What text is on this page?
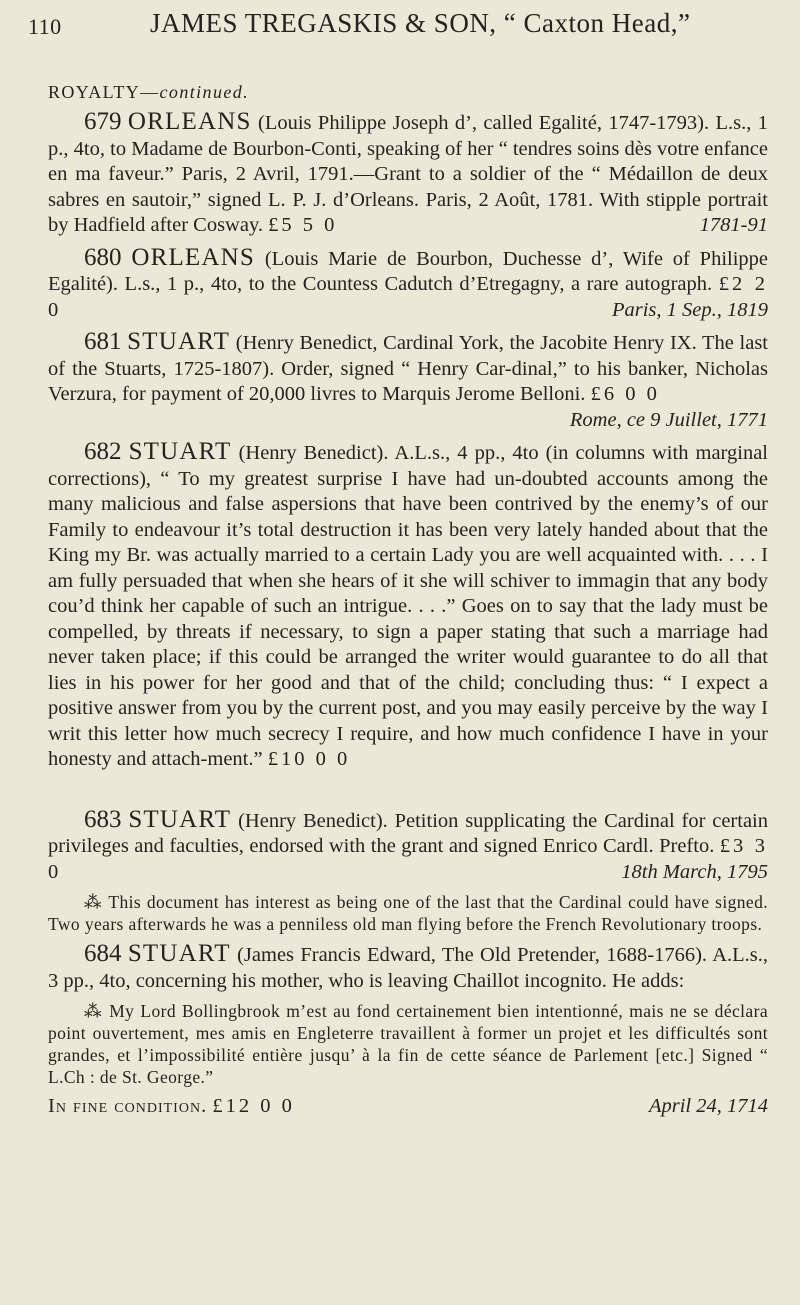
110	JAMES TREGASKIS & SON, “ Caxton Head,”
ROYALTY—continued.

679 ORLEANS (Louis Philippe Joseph d’, called Egalité, 1747-1793). L.s., 1 p., 4to, to Madame de Bourbon-Conti, speaking of her “ tendres soins dès votre enfance en ma faveur.” Paris, 2 Avril, 1791.—Grant to a soldier of the “ Médaillon de deux sabres en sautoir,” signed L. P. J. d’Orleans. Paris, 2 Août, 1781. With stipple portrait by Hadfield after Cosway. £5 5 0	1781-91

680 ORLEANS (Louis Marie de Bourbon, Duchesse d’, Wife of Philippe Egalité). L.s., 1 p., 4to, to the Countess Cadutch d’Etregagny, a rare autograph. £2 2 0	Paris, 1 Sep., 1819

681 STUART (Henry Benedict, Cardinal York, the Jacobite Henry IX. The last of the Stuarts, 1725-1807). Order, signed “ Henry Car-dinal,” to his banker, Nicholas Verzura, for payment of 20,000 livres to Marquis Jerome Belloni. £6 0 0
Rome, ce 9 Juillet, 1771

682 STUART (Henry Benedict). A.L.s., 4 pp., 4to (in columns with marginal corrections), “ To my greatest surprise I have had un-doubted accounts among the many malicious and false aspersions that have been contrived by the enemy’s of our Family to endeavour it’s total destruction it has been very lately handed about that the King my Br. was actually married to a certain Lady you are well acquainted with. . . . I am fully persuaded that when she hears of it she will schiver to immagin that any body cou’d think her capable of such an intrigue. . . .” Goes on to say that the lady must be compelled, by threats if necessary, to sign a paper stating that such a marriage had never taken place; if this could be arranged the writer would guarantee to do all that lies in his power for her good and that of the child; concluding thus: “ I expect a positive answer from you by the current post, and you may easily perceive by the way I writ this letter how much secrecy I require, and how much confidence I have in your honesty and attach-ment.” £10 0 0

683 STUART (Henry Benedict). Petition supplicating the Cardinal for certain privileges and faculties, endorsed with the grant and signed Enrico Cardl. Prefto. £3 3 0	18th March, 1795

⁂ This document has interest as being one of the last that the Cardinal could have signed. Two years afterwards he was a penniless old man flying before the French Revolutionary troops.

684 STUART (James Francis Edward, The Old Pretender, 1688-1766). A.L.s., 3 pp., 4to, concerning his mother, who is leaving Chaillot incognito. He adds:

⁂ My Lord Bollingbrook m’est au fond certainement bien intentionné, mais ne se déclara point ouvertement, mes amis en Engleterre travaillent à former un projet et les difficultés sont grandes, et l’impossibilité entière jusqu’ à la fin de cette séance de Parlement [etc.] Signed “ L.Ch : de St. George.”

In fine condition. £12 0 0	April 24, 1714
